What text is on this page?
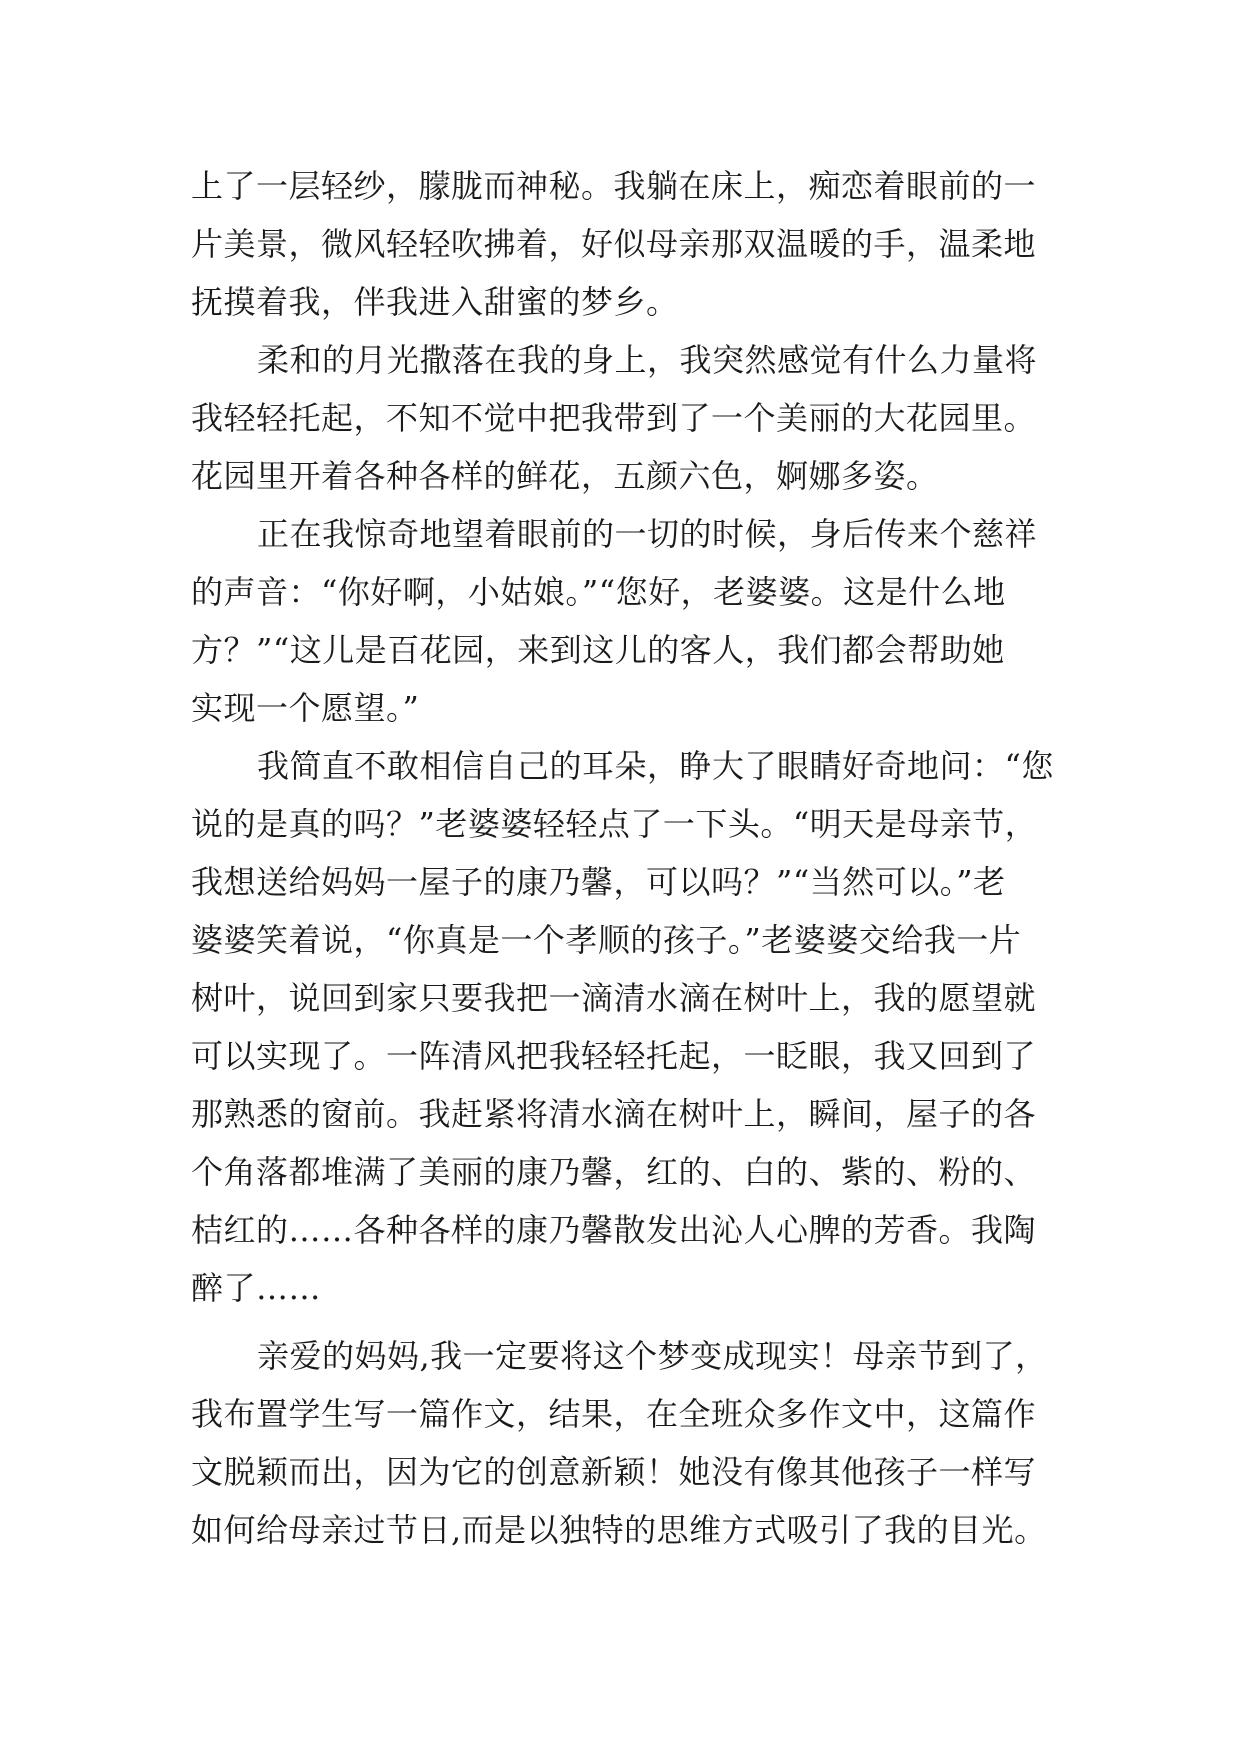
上了一层轻纱，朦胧而神秘。我躺在床上，痴恋着眼前的一
片美景，微风轻轻吹拂着，好似母亲那双温暖的手，温柔地
抚摸着我，伴我进入甜蜜的梦乡。

柔和的月光撒落在我的身上，我突然感觉有什么力量将
我轻轻托起，不知不觉中把我带到了一个美丽的大花园里。
花园里开着各种各样的鲜花，五颜六色，婀娜多姿。

正在我惊奇地望着眼前的一切的时候，身后传来个慈祥
的声音：“你好啊，小姑娘。”“您好，老婆婆。这是什么地
方？”“这儿是百花园，来到这儿的客人，我们都会帮助她
实现一个愿望。”

我简直不敢相信自己的耳朵，睁大了眼睛好奇地问：“您
说的是真的吗？”老婆婆轻轻点了一下头。“明天是母亲节，
我想送给妈妈一屋子的康乃馨，可以吗？”“当然可以。”老
婆婆笑着说，“你真是一个孝顺的孩子。”老婆婆交给我一片
树叶，说回到家只要我把一滴清水滴在树叶上，我的愿望就
可以实现了。一阵清风把我轻轻托起，一眨眼，我又回到了
那熟悉的窗前。我赶紧将清水滴在树叶上，瞬间，屋子的各
个角落都堆满了美丽的康乃馨，红的、白的、紫的、粉的、
桔红的……各种各样的康乃馨散发出沁人心脾的芳香。我陶
醉了……

亲爱的妈妈,我一定要将这个梦变成现实！母亲节到了，
我布置学生写一篇作文，结果，在全班众多作文中，这篇作
文脱颖而出，因为它的创意新颖！她没有像其他孩子一样写
如何给母亲过节日,而是以独特的思维方式吸引了我的目光。
